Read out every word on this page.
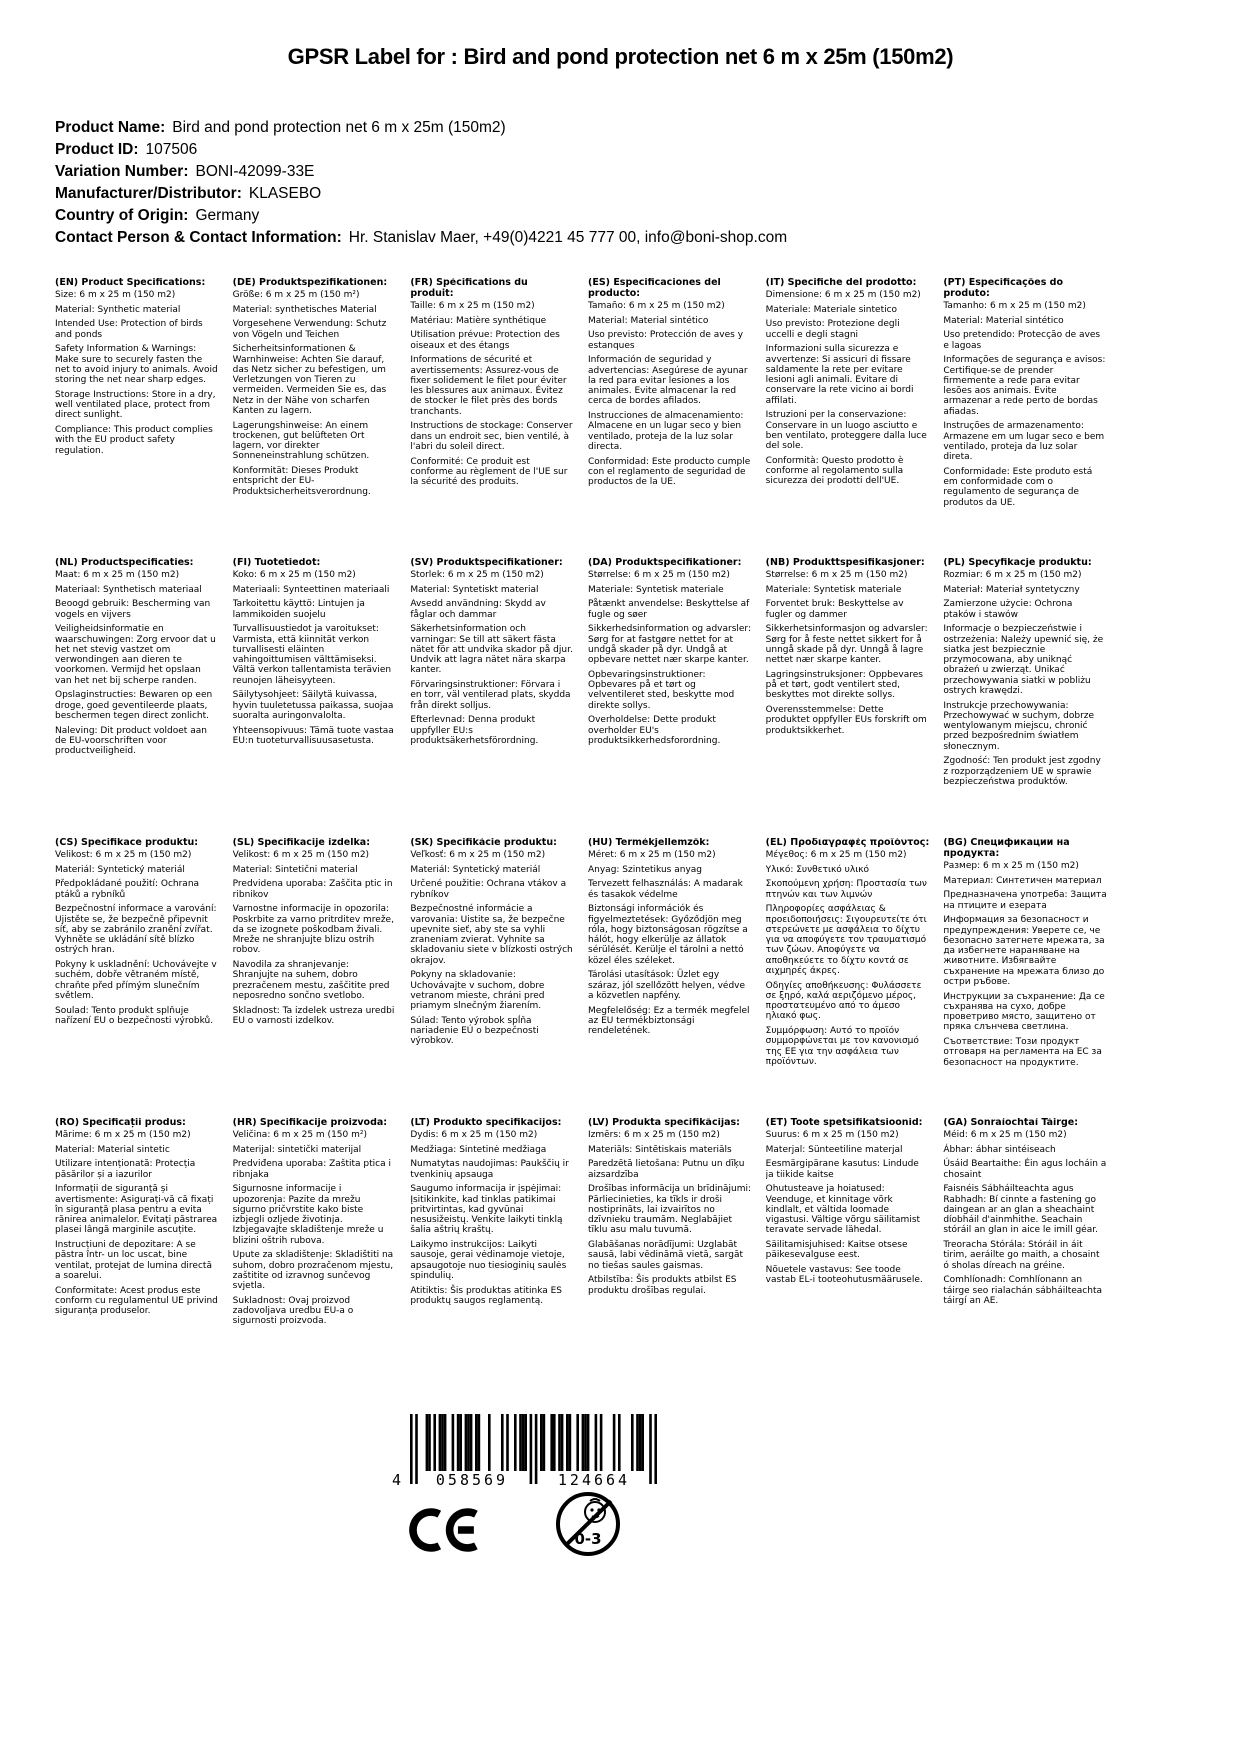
GPSR Label for : Bird and pond protection net 6 m x 25m (150m2)
Product Name: Bird and pond protection net 6 m x 25m (150m2)
Product ID: 107506
Variation Number: BONI-42099-33E
Manufacturer/Distributor: KLASEBO
Country of Origin: Germany
Contact Person & Contact Information: Hr. Stanislav Maer, +49(0)4221 45 777 00, info@boni-shop.com
(EN) Product Specifications:

Size: 6 m x 25 m (150 m2)

Material: Synthetic material

Intended Use: Protection of birds and ponds

Safety Information & Warnings: Make sure to securely fasten the net to avoid injury to animals. Avoid storing the net near sharp edges.

Storage Instructions: Store in a dry, well ventilated place, protect from direct sunlight.

Compliance: This product complies with the EU product safety regulation.

(DE) Produktspezifikationen:

Größe: 6 m x 25 m (150 m²)

Material: synthetisches Material

Vorgesehene Verwendung: Schutz von Vögeln und Teichen

Sicherheitsinformationen & Warnhinweise: Achten Sie darauf, das Netz sicher zu befestigen, um Verletzungen von Tieren zu vermeiden. Vermeiden Sie es, das Netz in der Nähe von scharfen Kanten zu lagern.

Lagerungshinweise: An einem trockenen, gut belüfteten Ort lagern, vor direkter Sonneneinstrahlung schützen.

Konformität: Dieses Produkt entspricht der EU-Produktsicherheitsverordnung.

(FR) Spécifications du produit:

Taille: 6 m x 25 m (150 m2)

Matériau: Matière synthétique

Utilisation prévue: Protection des oiseaux et des étangs

Informations de sécurité et avertissements: Assurez-vous de fixer solidement le filet pour éviter les blessures aux animaux. Évitez de stocker le filet près des bords tranchants.

Instructions de stockage: Conserver dans un endroit sec, bien ventilé, à l'abri du soleil direct.

Conformité: Ce produit est conforme au règlement de l'UE sur la sécurité des produits.

(ES) Especificaciones del producto:

Tamaño: 6 m x 25 m (150 m2)

Material: Material sintético

Uso previsto: Protección de aves y estanques

Información de seguridad y advertencias: Asegúrese de ayunar la red para evitar lesiones a los animales. Evite almacenar la red cerca de bordes afilados.

Instrucciones de almacenamiento: Almacene en un lugar seco y bien ventilado, proteja de la luz solar directa.

Conformidad: Este producto cumple con el reglamento de seguridad de productos de la UE.

(IT) Specifiche del prodotto:

Dimensione: 6 m x 25 m (150 m2)

Materiale: Materiale sintetico

Uso previsto: Protezione degli uccelli e degli stagni

Informazioni sulla sicurezza e avvertenze: Si assicuri di fissare saldamente la rete per evitare lesioni agli animali. Evitare di conservare la rete vicino ai bordi affilati.

Istruzioni per la conservazione: Conservare in un luogo asciutto e ben ventilato, proteggere dalla luce del sole.

Conformità: Questo prodotto è conforme al regolamento sulla sicurezza dei prodotti dell'UE.

(PT) Especificações do produto:

Tamanho: 6 m x 25 m (150 m2)

Material: Material sintético

Uso pretendido: Protecção de aves e lagoas

Informações de segurança e avisos: Certifique-se de prender firmemente a rede para evitar lesões aos animais. Evite armazenar a rede perto de bordas afiadas.

Instruções de armazenamento: Armazene em um lugar seco e bem ventilado, proteja da luz solar direta.

Conformidade: Este produto está em conformidade com o regulamento de segurança de produtos da UE.

(NL) Productspecificaties:

Maat: 6 m x 25 m (150 m2)

Materiaal: Synthetisch materiaal

Beoogd gebruik: Bescherming van vogels en vijvers

Veiligheidsinformatie en waarschuwingen: Zorg ervoor dat u het net stevig vastzet om verwondingen aan dieren te voorkomen. Vermijd het opslaan van het net bij scherpe randen.

Opslaginstructies: Bewaren op een droge, goed geventileerde plaats, beschermen tegen direct zonlicht.

Naleving: Dit product voldoet aan de EU-voorschriften voor productveiligheid.

(FI) Tuotetiedot:

Koko: 6 m x 25 m (150 m2)

Materiaali: Synteettinen materiaali

Tarkoitettu käyttö: Lintujen ja lammikoiden suojelu

Turvallisuustiedot ja varoitukset: Varmista, että kiinnität verkon turvallisesti eläinten vahingoittumisen välttämiseksi. Vältä verkon tallentamista terävien reunojen läheisyyteen.

Säilytysohjeet: Säilytä kuivassa, hyvin tuuletetussa paikassa, suojaa suoralta auringonvalolta.

Yhteensopivuus: Tämä tuote vastaa EU:n tuoteturvallisuusasetusta.

(SV) Produktspecifikationer:

Storlek: 6 m x 25 m (150 m2)

Material: Syntetiskt material

Avsedd användning: Skydd av fåglar och dammar

Säkerhetsinformation och varningar: Se till att säkert fästa nätet för att undvika skador på djur. Undvik att lagra nätet nära skarpa kanter.

Förvaringsinstruktioner: Förvara i en torr, väl ventilerad plats, skydda från direkt solljus.

Efterlevnad: Denna produkt uppfyller EU:s produktsäkerhetsförordning.

(DA) Produktspecifikationer:

Størrelse: 6 m x 25 m (150 m2)

Materiale: Syntetisk materiale

Påtænkt anvendelse: Beskyttelse af fugle og søer

Sikkerhedsinformation og advarsler: Sørg for at fastgøre nettet for at undgå skader på dyr. Undgå at opbevare nettet nær skarpe kanter.

Opbevaringsinstruktioner: Opbevares på et tørt og velventileret sted, beskytte mod direkte sollys.

Overholdelse: Dette produkt overholder EU's produktsikkerhedsforordning.

(NB) Produkttspesifikasjoner:

Størrelse: 6 m x 25 m (150 m2)

Materiale: Syntetisk materiale

Forventet bruk: Beskyttelse av fugler og dammer

Sikkerhetsinformasjon og advarsler: Sørg for å feste nettet sikkert for å unngå skade på dyr. Unngå å lagre nettet nær skarpe kanter.

Lagringsinstruksjoner: Oppbevares på et tørt, godt ventilert sted, beskyttes mot direkte sollys.

Overensstemmelse: Dette produktet oppfyller EUs forskrift om produktsikkerhet.

(PL) Specyfikacje produktu:

Rozmiar: 6 m x 25 m (150 m2)

Materiał: Materiał syntetyczny

Zamierzone użycie: Ochrona ptaków i stawów

Informacje o bezpieczeństwie i ostrzeżenia: Należy upewnić się, że siatka jest bezpiecznie przymocowana, aby uniknąć obrażeń u zwierząt. Unikać przechowywania siatki w pobliżu ostrych krawędzi.

Instrukcje przechowywania: Przechowywać w suchym, dobrze wentylowanym miejscu, chronić przed bezpośrednim światłem słonecznym.

Zgodność: Ten produkt jest zgodny z rozporządzeniem UE w sprawie bezpieczeństwa produktów.

(CS) Specifikace produktu:

Velikost: 6 m x 25 m (150 m2)

Materiál: Syntetický materiál

Předpokládané použití: Ochrana ptáků a rybníků

Bezpečnostní informace a varování: Ujistěte se, že bezpečně připevnit síť, aby se zabránilo zranění zvířat. Vyhněte se ukládání sítě blízko ostrých hran.

Pokyny k uskladnění: Uchovávejte v suchém, dobře větraném místě, chraňte před přímým slunečním světlem.

Soulad: Tento produkt splňuje nařízení EU o bezpečnosti výrobků.

(SL) Specifikacije izdelka:

Velikost: 6 m x 25 m (150 m2)

Material: Sintetični material

Predvidena uporaba: Zaščita ptic in ribnikov

Varnostne informacije in opozorila: Poskrbite za varno pritrditev mreže, da se izognete poškodbam živali. Mreže ne shranjujte blizu ostrih robov.

Navodila za shranjevanje: Shranjujte na suhem, dobro prezračenem mestu, zaščitite pred neposredno sončno svetlobo.

Skladnost: Ta izdelek ustreza uredbi EU o varnosti izdelkov.

(SK) Špecifikácie produktu:

Veľkosť: 6 m x 25 m (150 m2)

Materiál: Syntetický materiál

Určené použitie: Ochrana vtákov a rybníkov

Bezpečnostné informácie a varovania: Uistite sa, že bezpečne upevnite sieť, aby ste sa vyhli zraneniam zvierat. Vyhnite sa skladovaniu siete v blízkosti ostrých okrajov.

Pokyny na skladovanie: Uchovávajte v suchom, dobre vetranom mieste, chráni pred priamym slnečným žiarením.

Súlad: Tento výrobok spĺňa nariadenie EÚ o bezpečnosti výrobkov.

(HU) Termékjellemzők:

Méret: 6 m x 25 m (150 m2)

Anyag: Szintetikus anyag

Tervezett felhasználás: A madarak és tasakok védelme

Biztonsági információk és figyelmeztetések: Győződjön meg róla, hogy biztonságosan rögzítse a hálót, hogy elkerülje az állatok sérülését. Kerülje el tárolni a nettó közel éles széleket.

Tárolási utasítások: Üzlet egy száraz, jól szellőzött helyen, védve a közvetlen napfény.

Megfelelőség: Ez a termék megfelel az EU termékbiztonsági rendeletének.

(EL) Προδιαγραφές προϊόντος:

Μέγεθος: 6 m x 25 m (150 m2)

Υλικό: Συνθετικό υλικό

Σκοπούμενη χρήση: Προστασία των πτηνών και των λιμνών

Πληροφορίες ασφάλειας & προειδοποιήσεις: Σιγουρευτείτε ότι στερεώνετε με ασφάλεια το δίχτυ για να αποφύγετε τον τραυματισμό των ζώων. Αποφύγετε να αποθηκεύετε το δίχτυ κοντά σε αιχμηρές άκρες.

Οδηγίες αποθήκευσης: Φυλάσσετε σε ξηρό, καλά αεριζόμενο μέρος, προστατευμένο από το άμεσο ηλιακό φως.

Συμμόρφωση: Αυτό το προϊόν συμμορφώνεται με τον κανονισμό της ΕΕ για την ασφάλεια των προϊόντων.

(BG) Спецификации на продукта:

Размер: 6 m x 25 m (150 m2)

Материал: Синтетичен материал

Предназначена употреба: Защита на птиците и езерата

Информация за безопасност и предупреждения: Уверете се, че безопасно затегнете мрежата, за да избегнете нараняване на животните. Избягвайте съхранение на мрежата близо до остри ръбове.

Инструкции за съхранение: Да се съхранява на сухо, добре проветриво място, защитено от пряка слънчева светлина.

Съответствие: Този продукт отговаря на регламента на ЕС за безопасност на продуктите.

(RO) Specificații produs:

Mărime: 6 m x 25 m (150 m2)

Material: Material sintetic

Utilizare intenționată: Protecția păsărilor și a iazurilor

Informații de siguranță și avertismente: Asigurați-vă că fixați în siguranță plasa pentru a evita rănirea animalelor. Evitați păstrarea plasei lângă marginile ascuțite.

Instrucțiuni de depozitare: A se păstra într- un loc uscat, bine ventilat, protejat de lumina directă a soarelui.

Conformitate: Acest produs este conform cu regulamentul UE privind siguranța produselor.

(HR) Specifikacije proizvoda:

Veličina: 6 m x 25 m (150 m²)

Materijal: sintetički materijal

Predviđena uporaba: Zaštita ptica i ribnjaka

Sigurnosne informacije i upozorenja: Pazite da mrežu sigurno pričvrstite kako biste izbjegli ozljede životinja. Izbjegavajte skladištenje mreže u blizini oštrih rubova.

Upute za skladištenje: Skladištiti na suhom, dobro prozračenom mjestu, zaštitite od izravnog sunčevog svjetla.

Sukladnost: Ovaj proizvod zadovoljava uredbu EU-a o sigurnosti proizvoda.

(LT) Produkto specifikacijos:

Dydis: 6 m x 25 m (150 m2)

Medžiaga: Sintetinė medžiaga

Numatytas naudojimas: Paukščių ir tvenkinių apsauga

Saugumo informacija ir įspėjimai: Įsitikinkite, kad tinklas patikimai pritvirtintas, kad gyvūnai nesusižeistų. Venkite laikyti tinklą šalia aštrių kraštų.

Laikymo instrukcijos: Laikyti sausoje, gerai vėdinamoje vietoje, apsaugotoje nuo tiesioginių saulės spindulių.

Atitiktis: Šis produktas atitinka ES produktų saugos reglamentą.

(LV) Produkta specifikācijas:

Izmērs: 6 m x 25 m (150 m2)

Materiāls: Sintētiskais materiāls

Paredzētā lietošana: Putnu un dīķu aizsardzība

Drošības informācija un brīdinājumi: Pārliecinieties, ka tīkls ir droši nostiprināts, lai izvairītos no dzīvnieku traumām. Neglabājiet tīklu asu malu tuvumā.

Glabāšanas norādījumi: Uzglabāt sausā, labi vēdināmā vietā, sargāt no tiešas saules gaismas.

Atbilstība: Šis produkts atbilst ES produktu drošības regulai.

(ET) Toote spetsifikatsioonid:

Suurus: 6 m x 25 m (150 m2)

Materjal: Sünteetiline materjal

Eesmärgipärane kasutus: Lindude ja tiikide kaitse

Ohutusteave ja hoiatused: Veenduge, et kinnitage võrk kindlalt, et vältida loomade vigastusi. Vältige võrgu säilitamist teravate servade lähedal.

Säilitamisjuhised: Kaitse otsese päikesevalguse eest.

Nõuetele vastavus: See toode vastab EL-i tooteohutusmäärusele.

(GA) Sonraíochtaí Táirge:

Méid: 6 m x 25 m (150 m2)

Ábhar: ábhar sintéiseach

Úsáid Beartaithe: Éin agus locháin a chosaint

Faisnéis Sábháilteachta agus Rabhadh: Bí cinnte a fastening go daingean ar an glan a sheachaint díobháil d'ainmhithe. Seachain stóráil an glan in aice le imill géar.

Treoracha Stórála: Stóráil in áit tirim, aeráilte go maith, a chosaint ó sholas díreach na gréine.

Comhlíonadh: Comhlíonann an táirge seo rialachán sábháilteachta táirgí an AE.

4	058569	124664
0-3
